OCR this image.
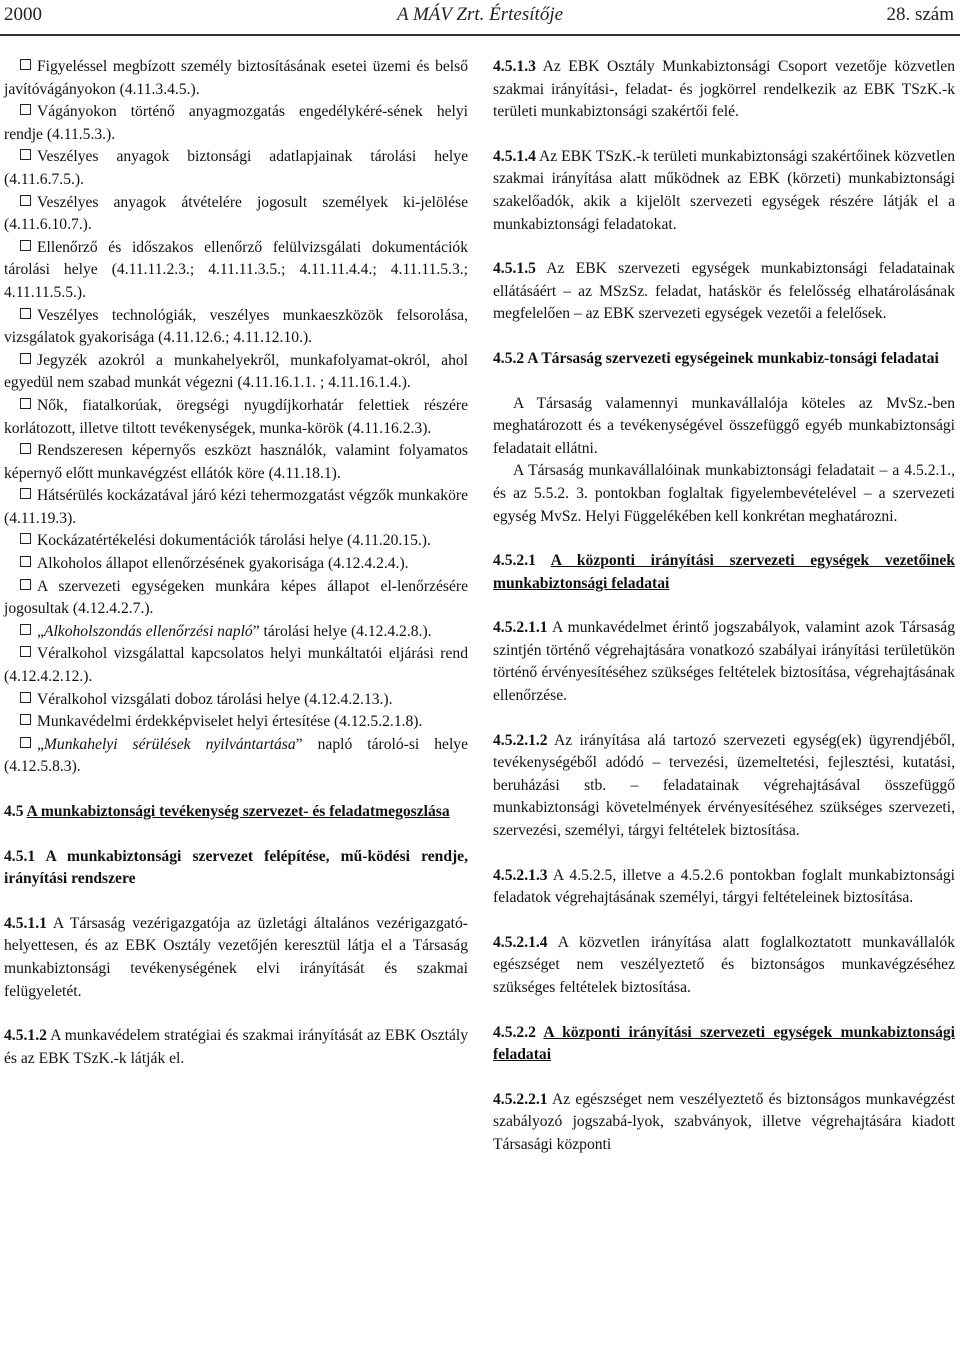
2000	A MÁV Zrt. Értesítője	28. szám

Figyeléssel megbízott személy biztosításának esetei üzemi és belső javítóvágányokon (4.11.3.4.5.).

Vágányokon történő anyagmozgatás engedélykéré-sének helyi rendje (4.11.5.3.).

Veszélyes anyagok biztonsági adatlapjainak tárolási helye (4.11.6.7.5.).

Veszélyes anyagok átvételére jogosult személyek ki-jelölése (4.11.6.10.7.).

Ellenőrző és időszakos ellenőrző felülvizsgálati dokumentációk tárolási helye (4.11.11.2.3.; 4.11.11.3.5.; 4.11.11.4.4.; 4.11.11.5.3.; 4.11.11.5.5.).

Veszélyes technológiák, veszélyes munkaeszközök felsorolása, vizsgálatok gyakorisága (4.11.12.6.; 4.11.12.10.).

Jegyzék azokról a munkahelyekről, munkafolyamat-okról, ahol egyedül nem szabad munkát végezni (4.11.16.1.1. ; 4.11.16.1.4.).

Nők, fiatalkorúak, öregségi nyugdíjkorhatár felettiek részére korlátozott, illetve tiltott tevékenységek, munka-körök (4.11.16.2.3).

Rendszeresen képernyős eszközt használók, valamint folyamatos képernyő előtt munkavégzést ellátók köre (4.11.18.1).

Hátsérülés kockázatával járó kézi tehermozgatást végzők munkaköre (4.11.19.3).

Kockázatértékelési dokumentációk tárolási helye (4.11.20.15.).

Alkoholos állapot ellenőrzésének gyakorisága (4.12.4.2.4.).

A szervezeti egységeken munkára képes állapot el-lenőrzésére jogosultak (4.12.4.2.7.).

„Alkoholszondás ellenőrzési napló” tárolási helye (4.12.4.2.8.).

Véralkohol vizsgálattal kapcsolatos helyi munkáltatói eljárási rend (4.12.4.2.12.).

Véralkohol vizsgálati doboz tárolási helye (4.12.4.2.13.).

Munkavédelmi érdekképviselet helyi értesítése (4.12.5.2.1.8).

„Munkahelyi sérülések nyilvántartása” napló tároló-si helye (4.12.5.8.3).

4.5 A munkabiztonsági tevékenység szervezet- és feladatmegoszlása

4.5.1 A munkabiztonsági szervezet felépítése, mű-ködési rendje, irányítási rendszere

4.5.1.1 A Társaság vezérigazgatója az üzletági általános vezérigazgató-helyettesen, és az EBK Osztály vezetőjén keresztül látja el a Társaság munkabiztonsági tevékenységének elvi irányítását és szakmai felügyeletét.

4.5.1.2 A munkavédelem stratégiai és szakmai irányítását az EBK Osztály és az EBK TSzK.-k látják el.

4.5.1.3 Az EBK Osztály Munkabiztonsági Csoport vezetője közvetlen szakmai irányítási-, feladat- és jogkörrel rendelkezik az EBK TSzK.-k területi munkabiztonsági szakértői felé.

4.5.1.4 Az EBK TSzK.-k területi munkabiztonsági szakértőinek közvetlen szakmai irányítása alatt működnek az EBK (körzeti) munkabiztonsági szakelőadók, akik a kijelölt szervezeti egységek részére látják el a munkabiztonsági feladatokat.

4.5.1.5 Az EBK szervezeti egységek munkabiztonsági feladatainak ellátásáért – az MSzSz. feladat, hatáskör és felelősség elhatárolásának megfelelően – az EBK szervezeti egységek vezetői a felelősek.

4.5.2 A Társaság szervezeti egységeinek munkabiz-tonsági feladatai

A Társaság valamennyi munkavállalója köteles az MvSz.-ben meghatározott és a tevékenységével összefüggő egyéb munkabiztonsági feladatait ellátni.

A Társaság munkavállalóinak munkabiztonsági feladatait – a 4.5.2.1., és az 5.5.2. 3. pontokban foglaltak figyelembevételével – a szervezeti egység MvSz. Helyi Függelékében kell konkrétan meghatározni.

4.5.2.1 A központi irányítási szervezeti egységek vezetőinek munkabiztonsági feladatai

4.5.2.1.1 A munkavédelmet érintő jogszabályok, valamint azok Társaság szintjén történő végrehajtására vonatkozó szabályai irányítási területükön történő érvényesítéséhez szükséges feltételek biztosítása, végrehajtásának ellenőrzése.

4.5.2.1.2 Az irányítása alá tartozó szervezeti egység(ek) ügyrendjéből, tevékenységéből adódó – tervezési, üzemeltetési, fejlesztési, kutatási, beruházási stb. – feladatainak végrehajtásával összefüggő munkabiztonsági követelmények érvényesítéséhez szükséges szervezeti, szervezési, személyi, tárgyi feltételek biztosítása.

4.5.2.1.3 A 4.5.2.5, illetve a 4.5.2.6 pontokban foglalt munkabiztonsági feladatok végrehajtásának személyi, tárgyi feltételeinek biztosítása.

4.5.2.1.4 A közvetlen irányítása alatt foglalkoztatott munkavállalók egészséget nem veszélyeztető és biztonságos munkavégzéséhez szükséges feltételek biztosítása.

4.5.2.2 A központi irányítási szervezeti egységek munkabiztonsági feladatai

4.5.2.2.1 Az egészséget nem veszélyeztető és biztonságos munkavégzést szabályozó jogszabá-lyok, szabványok, illetve végrehajtására kiadott Társasági központi
